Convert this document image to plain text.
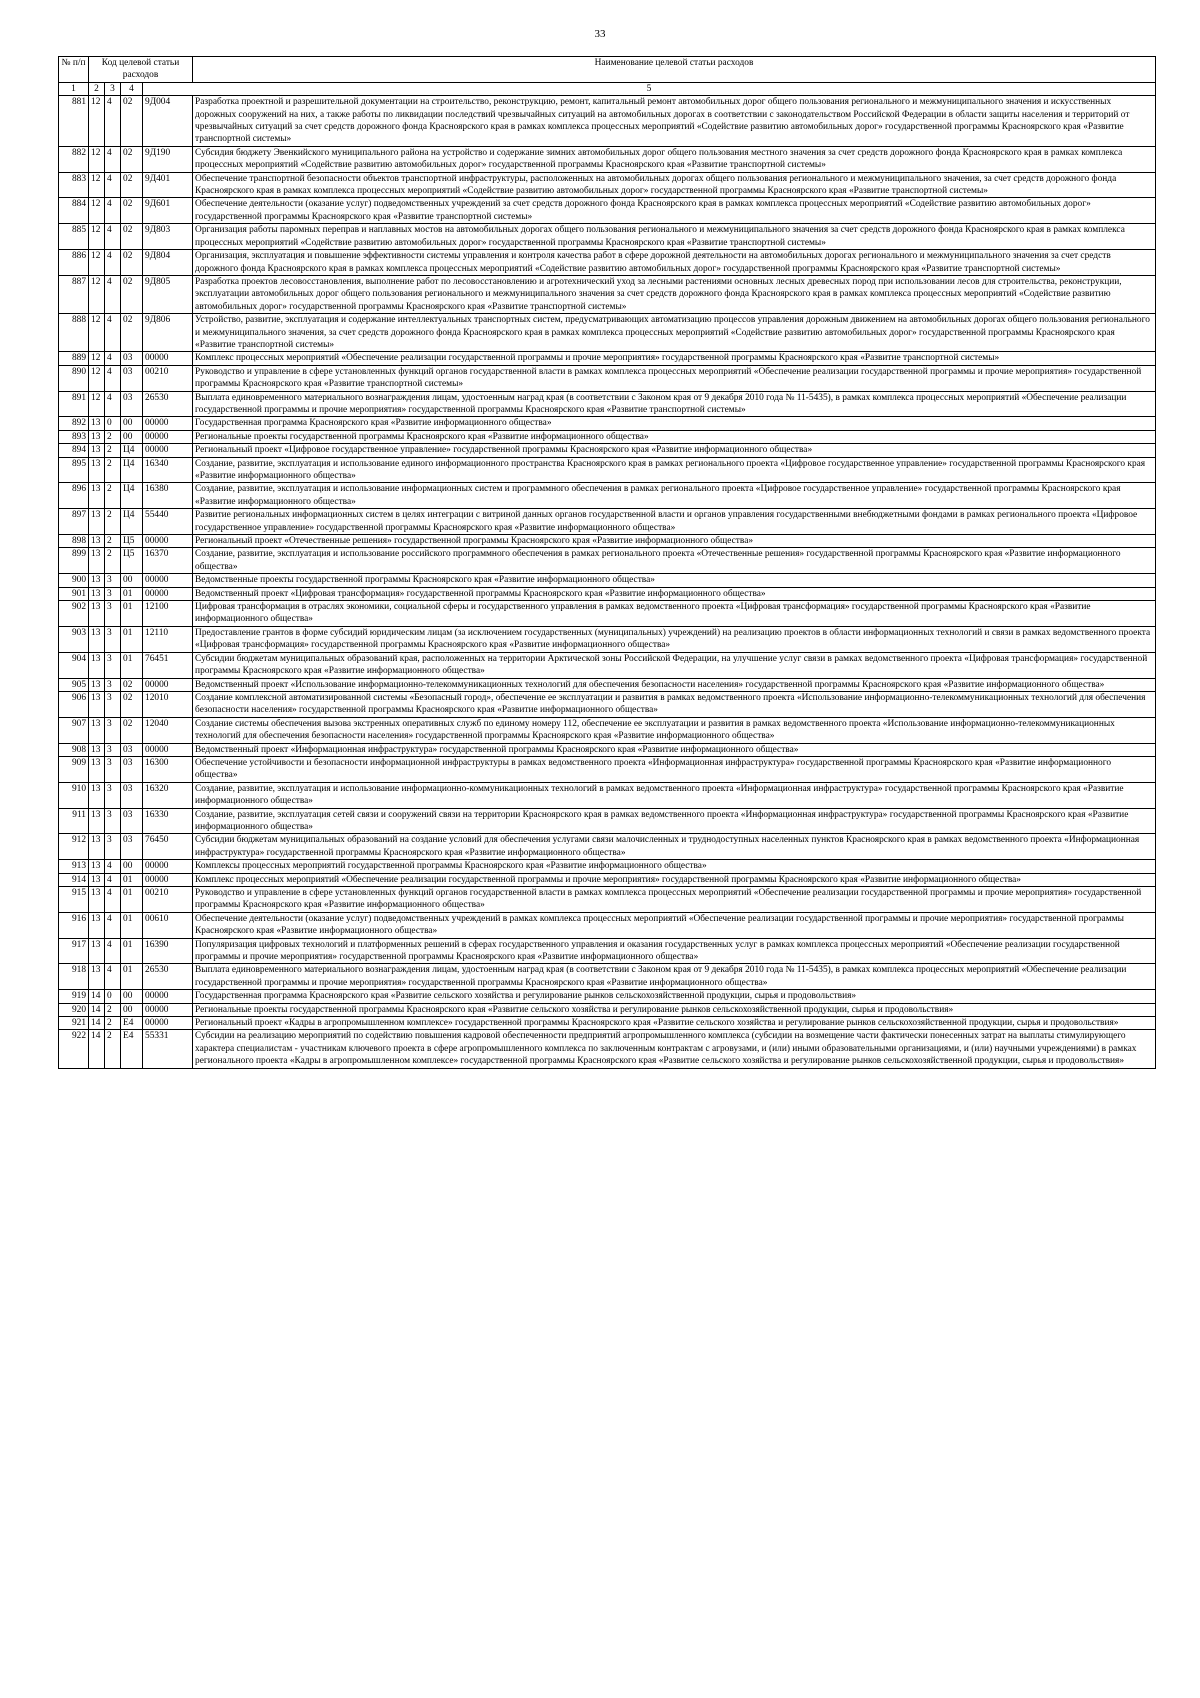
33
№ п/п	Код целевой статьи расходов				Наименование целевой статьи расходов

1	2	3	4	5	
881	12	4	02	9Д004	Разработка проектной и разрешительной документации на строительство, реконструкцию, ремонт, капитальный ремонт автомобильных дорог общего пользования регионального и межмуниципального значения и искусственных дорожных сооружений на них, а также работы по ликвидации последствий чрезвычайных ситуаций на автомобильных дорогах в соответствии с законодательством Российской Федерации в области защиты населения и территорий от чрезвычайных ситуаций за счет средств дорожного фонда Красноярского края в рамках комплекса процессных мероприятий «Содействие развитию автомобильных дорог» государственной программы Красноярского края «Развитие транспортной системы»
882	12	4	02	9Д190	Субсидия бюджету Эвенкийского муниципального района на устройство и содержание зимних автомобильных дорог общего пользования местного значения за счет средств дорожного фонда Красноярского края в рамках комплекса процессных мероприятий «Содействие развитию автомобильных дорог» государственной программы Красноярского края «Развитие транспортной системы»
883	12	4	02	9Д401	Обеспечение транспортной безопасности объектов транспортной инфраструктуры, расположенных на автомобильных дорогах общего пользования регионального и межмуниципального значения, за счет средств дорожного фонда Красноярского края в рамках комплекса процессных мероприятий «Содействие развитию автомобильных дорог» государственной программы Красноярского края «Развитие транспортной системы»
884	12	4	02	9Д601	Обеспечение деятельности (оказание услуг) подведомственных учреждений за счет средств дорожного фонда Красноярского края в рамках комплекса процессных мероприятий «Содействие развитию автомобильных дорог» государственной программы Красноярского края «Развитие транспортной системы»
885	12	4	02	9Д803	Организация работы паромных переправ и наплавных мостов на автомобильных дорогах общего пользования регионального и межмуниципального значения за счет средств дорожного фонда Красноярского края в рамках комплекса процессных мероприятий «Содействие развитию автомобильных дорог» государственной программы Красноярского края «Развитие транспортной системы»
886	12	4	02	9Д804	Организация, эксплуатация и повышение эффективности системы управления и контроля качества работ в сфере дорожной деятельности на автомобильных дорогах регионального и межмуниципального значения за счет средств дорожного фонда Красноярского края в рамках комплекса процессных мероприятий «Содействие развитию автомобильных дорог» государственной программы Красноярского края «Развитие транспортной системы»
887	12	4	02	9Д805	Разработка проектов лесовосстановления, выполнение работ по лесовосстановлению и агротехнический уход за лесными растениями основных лесных древесных пород при использовании лесов для строительства, реконструкции, эксплуатации автомобильных дорог общего пользования регионального и межмуниципального значения за счет средств дорожного фонда Красноярского края в рамках комплекса процессных мероприятий «Содействие развитию автомобильных дорог» государственной программы Красноярского края «Развитие транспортной системы»
888	12	4	02	9Д806	Устройство, развитие, эксплуатация и содержание интеллектуальных транспортных систем, предусматривающих автоматизацию процессов управления дорожным движением на автомобильных дорогах общего пользования регионального и межмуниципального значения, за счет средств дорожного фонда Красноярского края в рамках комплекса процессных мероприятий «Содействие развитию автомобильных дорог» государственной программы Красноярского края «Развитие транспортной системы»
889	12	4	03	00000	Комплекс процессных мероприятий «Обеспечение реализации государственной программы и прочие мероприятия» государственной программы Красноярского края «Развитие транспортной системы»
890	12	4	03	00210	Руководство и управление в сфере установленных функций органов государственной власти в рамках комплекса процессных мероприятий «Обеспечение реализации государственной программы и прочие мероприятия» государственной программы Красноярского края «Развитие транспортной системы»
891	12	4	03	26530	Выплата единовременного материального вознаграждения лицам, удостоенным наград края (в соответствии с Законом края от 9 декабря 2010 года № 11-5435), в рамках комплекса процессных мероприятий «Обеспечение реализации государственной программы и прочие мероприятия» государственной программы Красноярского края «Развитие транспортной системы»
892	13	0	00	00000	Государственная программа Красноярского края «Развитие информационного общества»
893	13	2	00	00000	Региональные проекты государственной программы Красноярского края «Развитие информационного общества»
894	13	2	Ц4	00000	Региональный проект «Цифровое государственное управление» государственной программы Красноярского края «Развитие информационного общества»
895	13	2	Ц4	16340	Создание, развитие, эксплуатация и использование единого информационного пространства Красноярского края в рамках регионального проекта «Цифровое государственное управление» государственной программы Красноярского края «Развитие информационного общества»
896	13	2	Ц4	16380	Создание, развитие, эксплуатация и использование информационных систем и программного обеспечения в рамках регионального проекта «Цифровое государственное управление» государственной программы Красноярского края «Развитие информационного общества»
897	13	2	Ц4	55440	Развитие региональных информационных систем в целях интеграции с витриной данных органов государственной власти и органов управления государственными внебюджетными фондами в рамках регионального проекта «Цифровое государственное управление» государственной программы Красноярского края «Развитие информационного общества»
898	13	2	Ц5	00000	Региональный проект «Отечественные решения» государственной программы Красноярского края «Развитие информационного общества»
899	13	2	Ц5	16370	Создание, развитие, эксплуатация и использование российского программного обеспечения в рамках регионального проекта «Отечественные решения» государственной программы Красноярского края «Развитие информационного общества»
900	13	3	00	00000	Ведомственные проекты государственной программы Красноярского края «Развитие информационного общества»
901	13	3	01	00000	Ведомственный проект «Цифровая трансформация» государственной программы Красноярского края «Развитие информационного общества»
902	13	3	01	12100	Цифровая трансформация в отраслях экономики, социальной сферы и государственного управления в рамках ведомственного проекта «Цифровая трансформация» государственной программы Красноярского края «Развитие информационного общества»
903	13	3	01	12110	Предоставление грантов в форме субсидий юридическим лицам (за исключением государственных (муниципальных) учреждений) на реализацию проектов в области информационных технологий и связи в рамках ведомственного проекта «Цифровая трансформация» государственной программы Красноярского края «Развитие информационного общества»
904	13	3	01	76451	Субсидии бюджетам муниципальных образований края, расположенных на территории Арктической зоны Российской Федерации, на улучшение услуг связи в рамках ведомственного проекта «Цифровая трансформация» государственной программы Красноярского края «Развитие информационного общества»
905	13	3	02	00000	Ведомственный проект «Использование информационно-телекоммуникационных технологий для обеспечения безопасности населения» государственной программы Красноярского края «Развитие информационного общества»
906	13	3	02	12010	Создание комплексной автоматизированной системы «Безопасный город», обеспечение ее эксплуатации и развития в рамках ведомственного проекта «Использование информационно-телекоммуникационных технологий для обеспечения безопасности населения» государственной программы Красноярского края «Развитие информационного общества»
907	13	3	02	12040	Создание системы обеспечения вызова экстренных оперативных служб по единому номеру 112, обеспечение ее эксплуатации и развития в рамках ведомственного проекта «Использование информационно-телекоммуникационных технологий для обеспечения безопасности населения» государственной программы Красноярского края «Развитие информационного общества»
908	13	3	03	00000	Ведомственный проект «Информационная инфраструктура» государственной программы Красноярского края «Развитие информационного общества»
909	13	3	03	16300	Обеспечение устойчивости и безопасности информационной инфраструктуры в рамках ведомственного проекта «Информационная инфраструктура» государственной программы Красноярского края «Развитие информационного общества»
910	13	3	03	16320	Создание, развитие, эксплуатация и использование информационно-коммуникационных технологий в рамках ведомственного проекта «Информационная инфраструктура» государственной программы Красноярского края «Развитие информационного общества»
911	13	3	03	16330	Создание, развитие, эксплуатация сетей связи и сооружений связи на территории Красноярского края в рамках ведомственного проекта «Информационная инфраструктура» государственной программы Красноярского края «Развитие информационного общества»
912	13	3	03	76450	Субсидии бюджетам муниципальных образований на создание условий для обеспечения услугами связи малочисленных и труднодоступных населенных пунктов Красноярского края в рамках ведомственного проекта «Информационная инфраструктура» государственной программы Красноярского края «Развитие информационного общества»
913	13	4	00	00000	Комплексы процессных мероприятий государственной программы Красноярского края «Развитие информационного общества»
914	13	4	01	00000	Комплекс процессных мероприятий «Обеспечение реализации государственной программы и прочие мероприятия» государственной программы Красноярского края «Развитие информационного общества»
915	13	4	01	00210	Руководство и управление в сфере установленных функций органов государственной власти в рамках комплекса процессных мероприятий «Обеспечение реализации государственной программы и прочие мероприятия» государственной программы Красноярского края «Развитие информационного общества»
916	13	4	01	00610	Обеспечение деятельности (оказание услуг) подведомственных учреждений в рамках комплекса процессных мероприятий «Обеспечение реализации государственной программы и прочие мероприятия» государственной программы Красноярского края «Развитие информационного общества»
917	13	4	01	16390	Популяризация цифровых технологий и платформенных решений в сферах государственного управления и оказания государственных услуг в рамках комплекса процессных мероприятий «Обеспечение реализации государственной программы и прочие мероприятия» государственной программы Красноярского края «Развитие информационного общества»
918	13	4	01	26530	Выплата единовременного материального вознаграждения лицам, удостоенным наград края (в соответствии с Законом края от 9 декабря 2010 года № 11-5435), в рамках комплекса процессных мероприятий «Обеспечение реализации государственной программы и прочие мероприятия» государственной программы Красноярского края «Развитие информационного общества»
919	14	0	00	00000	Государственная программа Красноярского края «Развитие сельского хозяйства и регулирование рынков сельскохозяйственной продукции, сырья и продовольствия»
920	14	2	00	00000	Региональные проекты государственной программы Красноярского края «Развитие сельского хозяйства и регулирование рынков сельскохозяйственной продукции, сырья и продовольствия»
921	14	2	Е4	00000	Региональный проект «Кадры в агропромышленном комплексе» государственной программы Красноярского края «Развитие сельского хозяйства и регулирование рынков сельскохозяйственной продукции, сырья и продовольствия»
922	14	2	Е4	55331	Субсидии на реализацию мероприятий по содействию повышения кадровой обеспеченности предприятий агропромышленного комплекса (субсидии на возмещение части фактически понесенных затрат на выплаты стимулирующего характера специалистам - участникам ключевого проекта в сфере агропромышленного комплекса по заключенным контрактам с агровузами, и (или) иными образовательными организациями, и (или) научными учреждениями) в рамках регионального проекта «Кадры в агропромышленном комплексе» государственной программы Красноярского края «Развитие сельского хозяйства и регулирование рынков сельскохозяйственной продукции, сырья и продовольствия»
